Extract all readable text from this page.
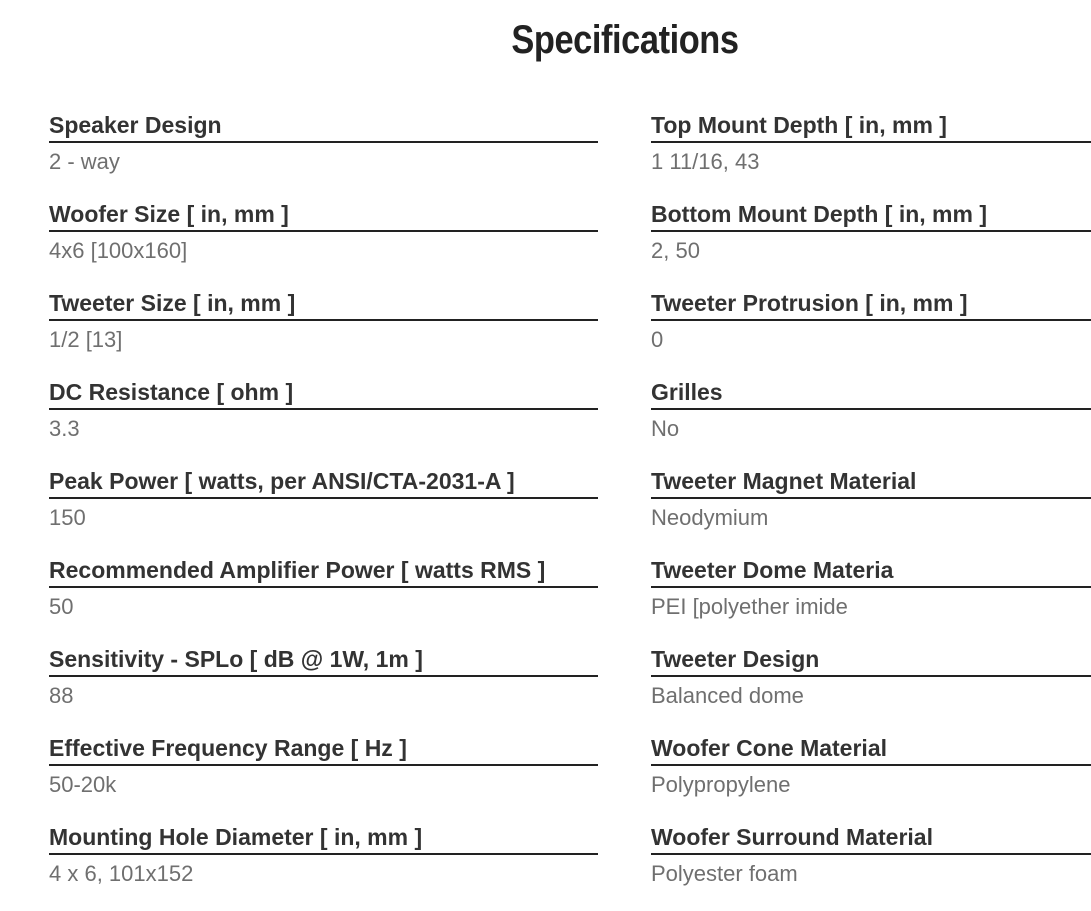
Specifications
Speaker Design
2 - way
Woofer Size [ in, mm ]
4x6 [100x160]
Tweeter Size [ in, mm ]
1/2 [13]
DC Resistance [ ohm ]
3.3
Peak Power [ watts, per ANSI/CTA-2031-A ]
150
Recommended Amplifier Power [ watts RMS ]
50
Sensitivity - SPLo [ dB @ 1W, 1m ]
88
Effective Frequency Range [ Hz ]
50-20k
Mounting Hole Diameter [ in, mm ]
4 x 6, 101x152
Top Mount Depth [ in, mm ]
1 11/16, 43
Bottom Mount Depth [ in, mm ]
2, 50
Tweeter Protrusion [ in, mm ]
0
Grilles
No
Tweeter Magnet Material
Neodymium
Tweeter Dome Materia
PEI [polyether imide
Tweeter Design
Balanced dome
Woofer Cone Material
Polypropylene
Woofer Surround Material
Polyester foam
